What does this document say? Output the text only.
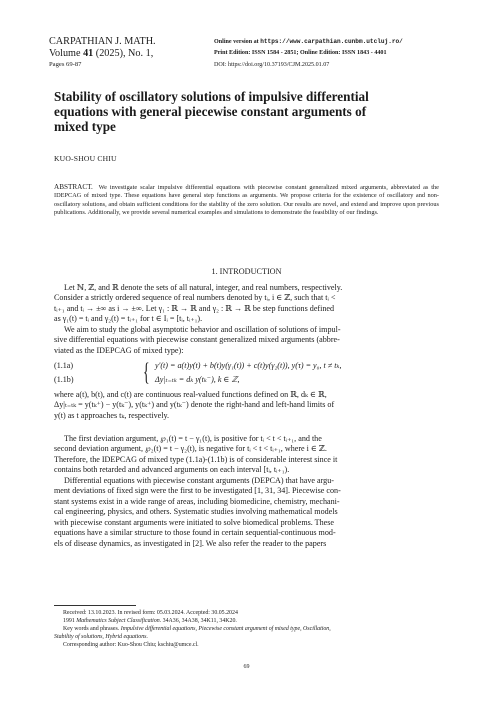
CARPATHIAN J. MATH.
Volume 41 (2025), No. 1,
Pages 69-87
Online version at https://www.carpathian.cunbm.utcluj.ro/
Print Edition: ISSN 1584 - 2851; Online Edition: ISSN 1843 - 4401
DOI: https://doi.org/10.37193/CJM.2025.01.07
Stability of oscillatory solutions of impulsive differential
equations with general piecewise constant arguments of
mixed type
KUO-SHOU CHIU
ABSTRACT. We investigate scalar impulsive differential equations with piecewise constant generalized mixed arguments, abbreviated as the IDEPCAG of mixed type. These equations have general step functions as arguments. We propose criteria for the existence of oscillatory and non-oscillatory solutions, and obtain sufficient conditions for the stability of the zero solution. Our results are novel, and extend and improve upon previous publications. Additionally, we provide several numerical examples and simulations to demonstrate the feasibility of our findings.
1. INTRODUCTION
Let ℕ, ℤ, and ℝ denote the sets of all natural, integer, and real numbers, respectively.
Consider a strictly ordered sequence of real numbers denoted by tᵢ, i ∈ ℤ, such that tᵢ <
tᵢ₊₁ and tᵢ → ±∞ as i → ±∞. Let γ₁ : ℝ → ℝ and γ₂ : ℝ → ℝ be step functions defined
as γ₁(t) = tᵢ and γ₂(t) = tᵢ₊₁ for t ∈ Iᵢ = [tᵢ, tᵢ₊₁).
We aim to study the global asymptotic behavior and oscillation of solutions of impul-
sive differential equations with piecewise constant generalized mixed arguments (abbre-
viated as the IDEPCAG of mixed type):
{
(1.1a)	y′(t) = a(t)y(t) + b(t)y(γ₁(t)) + c(t)y(γ₂(t)), y(τ) = y₀, t ≠ tₖ,
(1.1b)	Δy|ₜ₌ₜₖ = dₖ y(tₖ⁻), k ∈ ℤ,
where a(t), b(t), and c(t) are continuous real-valued functions defined on ℝ, dₖ ∈ ℝ,
Δy|ₜ₌ₜₖ = y(tₖ⁺) − y(tₖ⁻), y(tₖ⁺) and y(tₖ⁻) denote the right-hand and left-hand limits of
y(t) as t approaches tₖ, respectively.
The first deviation argument, ℘₁(t) = t − γ₁(t), is positive for tᵢ < t < tᵢ₊₁, and the
second deviation argument, ℘₂(t) = t − γ₂(t), is negative for tᵢ < t < tᵢ₊₁, where i ∈ ℤ.
Therefore, the IDEPCAG of mixed type (1.1a)-(1.1b) is of considerable interest since it
contains both retarded and advanced arguments on each interval [tᵢ, tᵢ₊₁).
Differential equations with piecewise constant arguments (DEPCA) that have argu-
ment deviations of fixed sign were the first to be investigated [1, 31, 34]. Piecewise con-
stant systems exist in a wide range of areas, including biomedicine, chemistry, mechani-
cal engineering, physics, and others. Systematic studies involving mathematical models
with piecewise constant arguments were initiated to solve biomedical problems. These
equations have a similar structure to those found in certain sequential-continuous mod-
els of disease dynamics, as investigated in [2]. We also refer the reader to the papers
Received: 13.10.2023. In revised form: 05.03.2024. Accepted: 30.05.2024
1991 Mathematics Subject Classification. 34A36, 34A38, 34K11, 34K20.
Key words and phrases. Impulsive differential equations, Piecewise constant argument of mixed type, Oscillation,
Stability of solutions, Hybrid equations.
Corresponding author: Kuo-Shou Chiu; kschiu@umce.cl.
69
